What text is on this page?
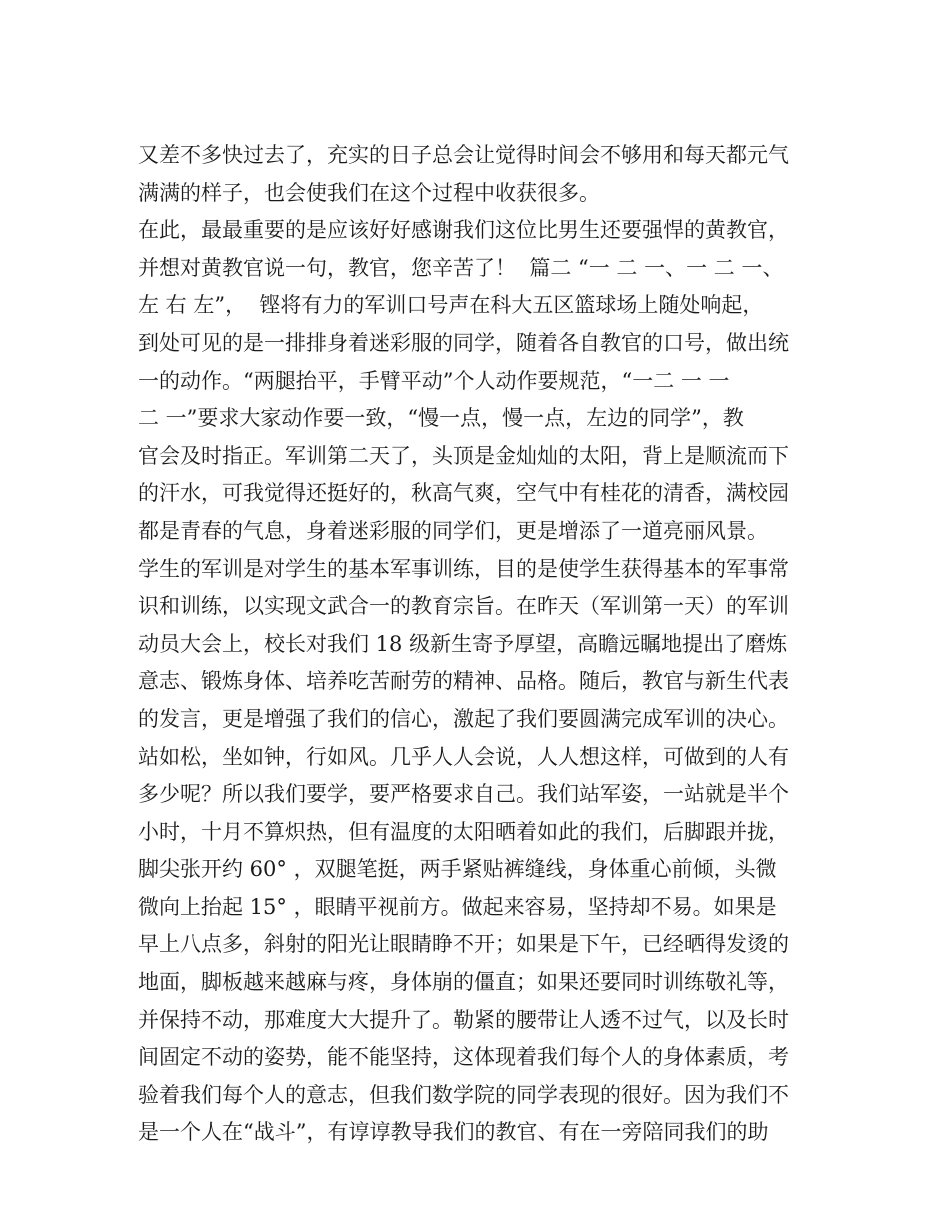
又差不多快过去了，充实的日子总会让觉得时间会不够用和每天都元气
满满的样子，也会使我们在这个过程中收获很多。
在此，最最重要的是应该好好感谢我们这位比男生还要强悍的黄教官，
并想对黄教官说一句，教官，您辛苦了！  篇二 “一 二 一、一 二 一、
左 右 左”，  铿将有力的军训口号声在科大五区篮球场上随处响起，
到处可见的是一排排身着迷彩服的同学，随着各自教官的口号，做出统
一的动作。“两腿抬平，手臂平动”个人动作要规范，“一二 一 一
二 一”要求大家动作要一致，“慢一点，慢一点，左边的同学”，教
官会及时指正。军训第二天了，头顶是金灿灿的太阳，背上是顺流而下
的汗水，可我觉得还挺好的，秋高气爽，空气中有桂花的清香，满校园
都是青春的气息，身着迷彩服的同学们，更是增添了一道亮丽风景。
学生的军训是对学生的基本军事训练，目的是使学生获得基本的军事常
识和训练，以实现文武合一的教育宗旨。在昨天（军训第一天）的军训
动员大会上，校长对我们 18 级新生寄予厚望，高瞻远瞩地提出了磨炼
意志、锻炼身体、培养吃苦耐劳的精神、品格。随后，教官与新生代表
的发言，更是增强了我们的信心，激起了我们要圆满完成军训的决心。
站如松，坐如钟，行如风。几乎人人会说，人人想这样，可做到的人有
多少呢？所以我们要学，要严格要求自己。我们站军姿，一站就是半个
小时，十月不算炽热，但有温度的太阳晒着如此的我们，后脚跟并拢，
脚尖张开约 60° ，双腿笔挺，两手紧贴裤缝线，身体重心前倾，头微
微向上抬起 15° ，眼睛平视前方。做起来容易，坚持却不易。如果是
早上八点多，斜射的阳光让眼睛睁不开；如果是下午，已经晒得发烫的
地面，脚板越来越麻与疼，身体崩的僵直；如果还要同时训练敬礼等，
并保持不动，那难度大大提升了。勒紧的腰带让人透不过气，以及长时
间固定不动的姿势，能不能坚持，这体现着我们每个人的身体素质，考
验着我们每个人的意志，但我们数学院的同学表现的很好。因为我们不
是一个人在“战斗”，有谆谆教导我们的教官、有在一旁陪同我们的助
